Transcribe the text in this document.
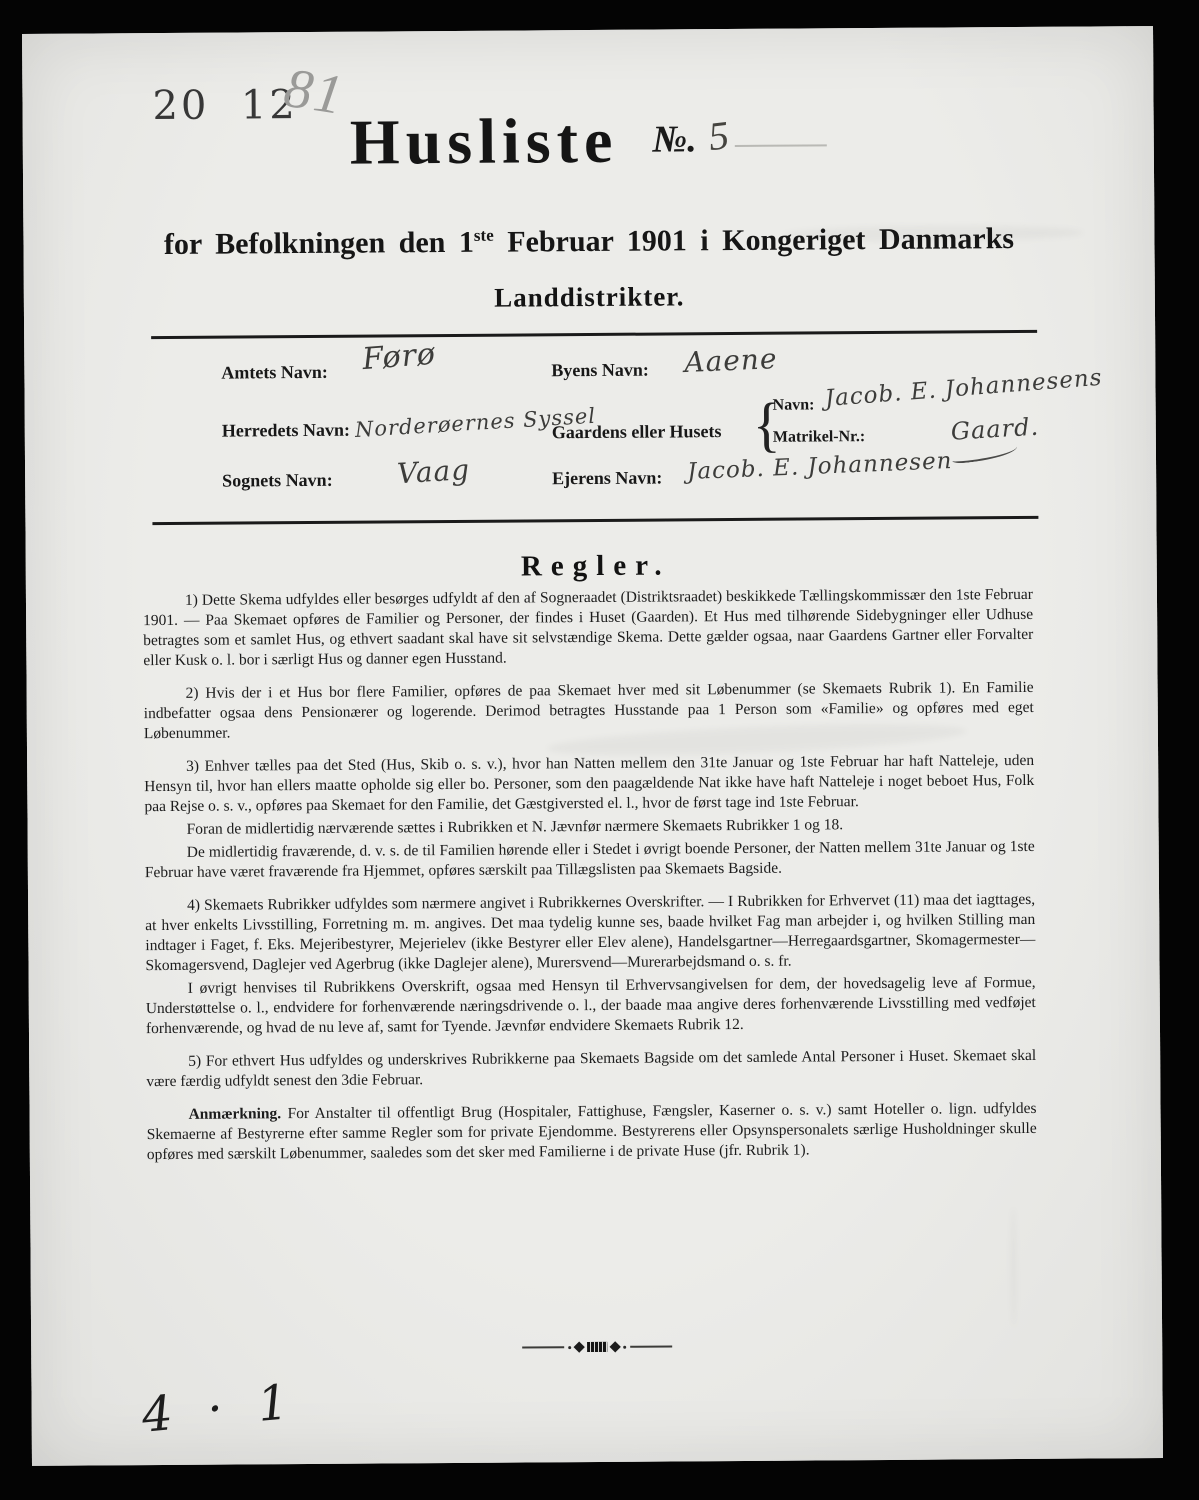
20  12
81
Husliste №. 5
for Befolkningen den 1ste Februar 1901 i Kongeriget Danmarks
Landdistrikter.
Amtets Navn: Førø	Byens Navn: Aaene
Herredets Navn: Norderøernes Syssel
Gaardens eller Husets {
Navn:
Matrikel-Nr.:
Jacob. E. Johannesens
Gaard.
Sognets Navn: Vaag	Ejerens Navn: Jacob. E. Johannesen
Regler.

1) Dette Skema udfyldes eller besørges udfyldt af den af Sogneraadet (Distriktsraadet) beskikkede Tællingskommissær den 1ste Februar 1901. — Paa Skemaet opføres de Familier og Personer, der findes i Huset (Gaarden). Et Hus med tilhørende Sidebygninger eller Udhuse betragtes som et samlet Hus, og ethvert saadant skal have sit selvstændige Skema. Dette gælder ogsaa, naar Gaardens Gartner eller Forvalter eller Kusk o. l. bor i særligt Hus og danner egen Husstand.

2) Hvis der i et Hus bor flere Familier, opføres de paa Skemaet hver med sit Løbenummer (se Skemaets Rubrik 1). En Familie indbefatter ogsaa dens Pensionærer og logerende. Derimod betragtes Husstande paa 1 Person som «Familie» og opføres med eget Løbenummer.

3) Enhver tælles paa det Sted (Hus, Skib o. s. v.), hvor han Natten mellem den 31te Januar og 1ste Februar har haft Natteleje, uden Hensyn til, hvor han ellers maatte opholde sig eller bo. Personer, som den paagældende Nat ikke have haft Natteleje i noget beboet Hus, Folk paa Rejse o. s. v., opføres paa Skemaet for den Familie, det Gæstgiversted el. l., hvor de først tage ind 1ste Februar.

Foran de midlertidig nærværende sættes i Rubrikken et N. Jævnfør nærmere Skemaets Rubrikker 1 og 18.

De midlertidig fraværende, d. v. s. de til Familien hørende eller i Stedet i øvrigt boende Personer, der Natten mellem 31te Januar og 1ste Februar have været fraværende fra Hjemmet, opføres særskilt paa Tillægslisten paa Skemaets Bagside.

4) Skemaets Rubrikker udfyldes som nærmere angivet i Rubrikkernes Overskrifter. — I Rubrikken for Erhvervet (11) maa det iagttages, at hver enkelts Livsstilling, Forretning m. m. angives. Det maa tydelig kunne ses, baade hvilket Fag man arbejder i, og hvilken Stilling man indtager i Faget, f. Eks. Mejeribestyrer, Mejerielev (ikke Bestyrer eller Elev alene), Handelsgartner—Herregaardsgartner, Skomagermester—Skomagersvend, Daglejer ved Agerbrug (ikke Daglejer alene), Murersvend—Murerarbejdsmand o. s. fr.

I øvrigt henvises til Rubrikkens Overskrift, ogsaa med Hensyn til Erhvervsangivelsen for dem, der hovedsagelig leve af Formue, Understøttelse o. l., endvidere for forhenværende næringsdrivende o. l., der baade maa angive deres forhenværende Livsstilling med vedføjet forhenværende, og hvad de nu leve af, samt for Tyende. Jævnfør endvidere Skemaets Rubrik 12.

5) For ethvert Hus udfyldes og underskrives Rubrikkerne paa Skemaets Bagside om det samlede Antal Personer i Huset. Skemaet skal være færdig udfyldt senest den 3die Februar.

Anmærkning. For Anstalter til offentligt Brug (Hospitaler, Fattighuse, Fængsler, Kaserner o. s. v.) samt Hoteller o. lign. udfyldes Skemaerne af Bestyrerne efter samme Regler som for private Ejendomme. Bestyrerens eller Opsynspersonalets særlige Husholdninger skulle opføres med særskilt Løbenummer, saaledes som det sker med Familierne i de private Huse (jfr. Rubrik 1).

4 · 1
